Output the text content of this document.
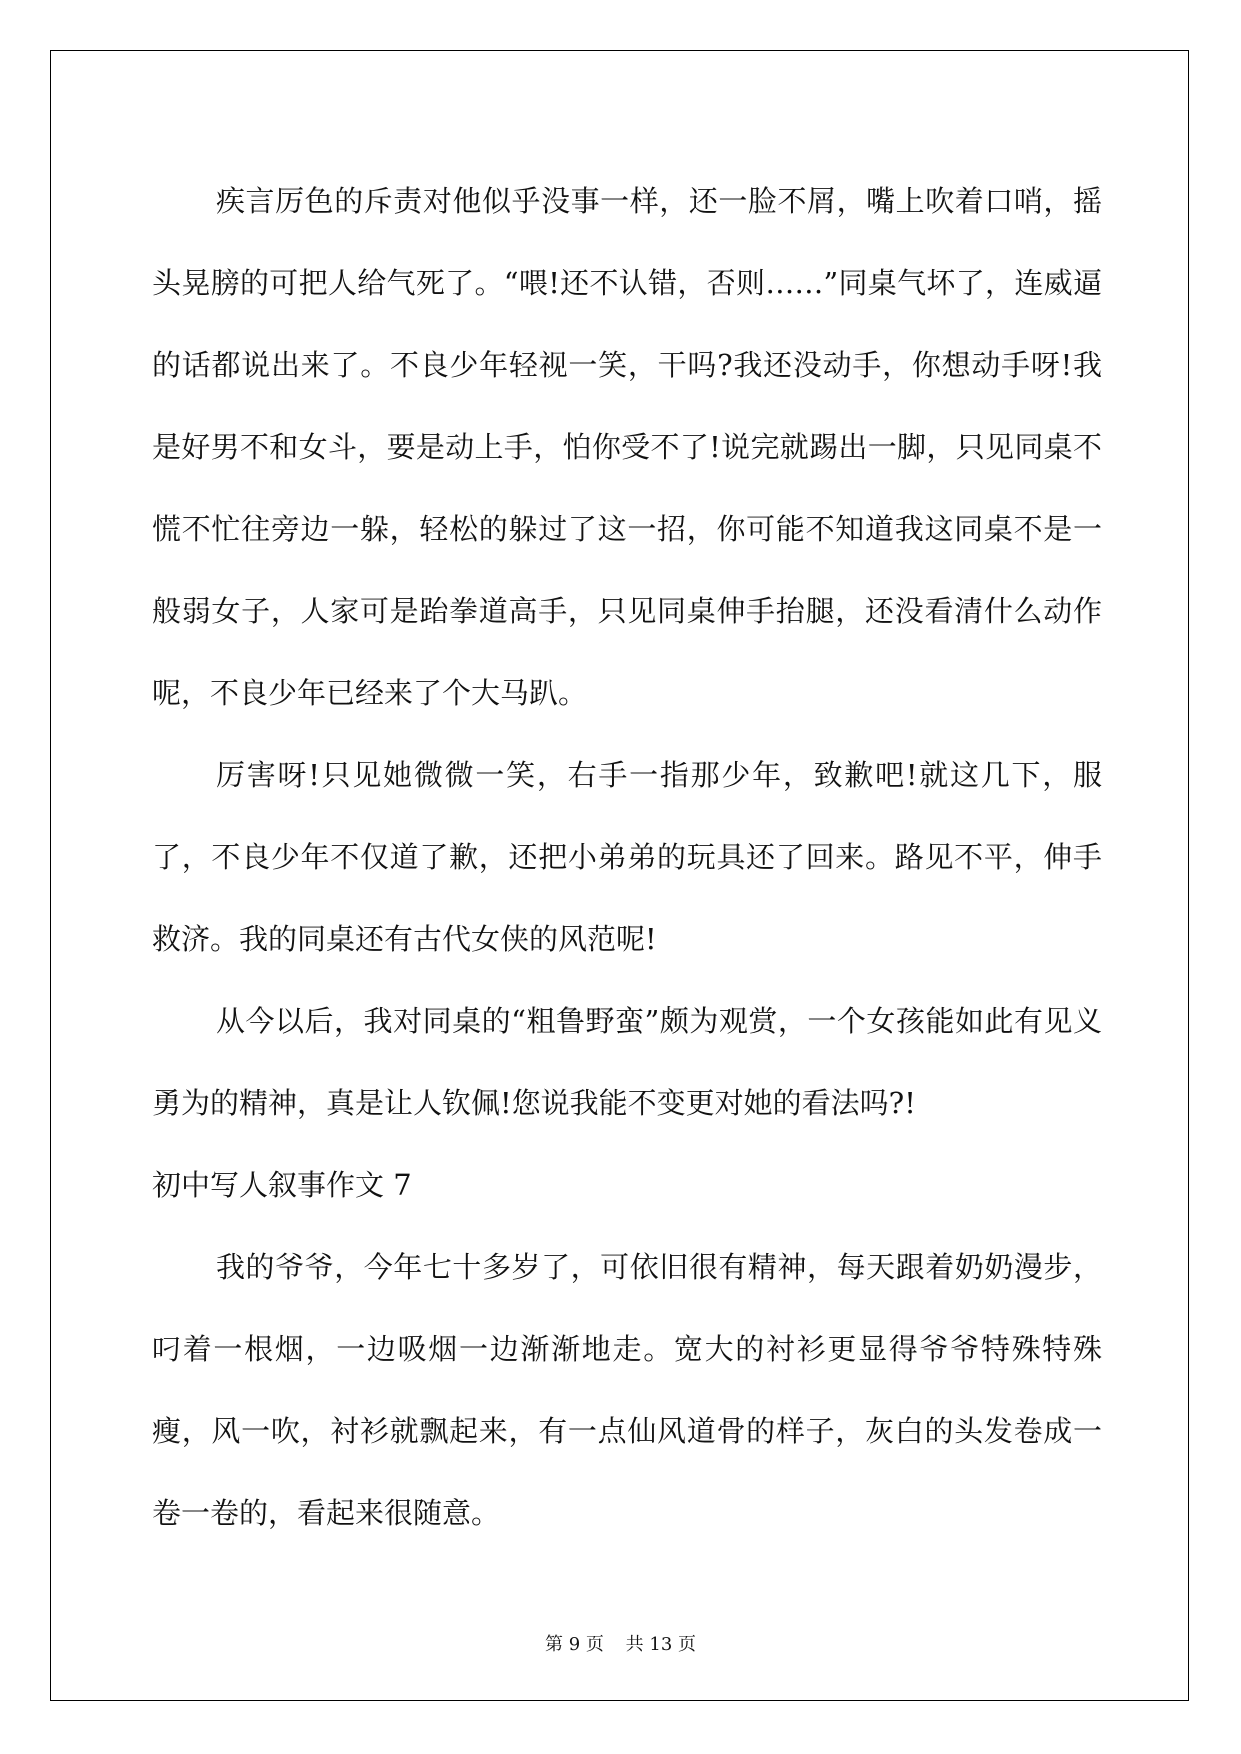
疾言厉色的斥责对他似乎没事一样，还一脸不屑，嘴上吹着口哨，摇头晃膀的可把人给气死了。“喂!还不认错，否则……”同桌气坏了，连威逼的话都说出来了。不良少年轻视一笑，干吗?我还没动手，你想动手呀!我是好男不和女斗，要是动上手，怕你受不了!说完就踢出一脚，只见同桌不慌不忙往旁边一躲，轻松的躲过了这一招，你可能不知道我这同桌不是一般弱女子，人家可是跆拳道高手，只见同桌伸手抬腿，还没看清什么动作呢，不良少年已经来了个大马趴。

厉害呀!只见她微微一笑，右手一指那少年，致歉吧!就这几下，服了，不良少年不仅道了歉，还把小弟弟的玩具还了回来。路见不平，伸手救济。我的同桌还有古代女侠的风范呢!

从今以后，我对同桌的“粗鲁野蛮”颇为观赏，一个女孩能如此有见义勇为的精神，真是让人钦佩!您说我能不变更对她的看法吗?!

初中写人叙事作文 7

我的爷爷，今年七十多岁了，可依旧很有精神，每天跟着奶奶漫步，叼着一根烟，一边吸烟一边渐渐地走。宽大的衬衫更显得爷爷特殊特殊瘦，风一吹，衬衫就飘起来，有一点仙风道骨的样子，灰白的头发卷成一卷一卷的，看起来很随意。

第 9 页 共 13 页
